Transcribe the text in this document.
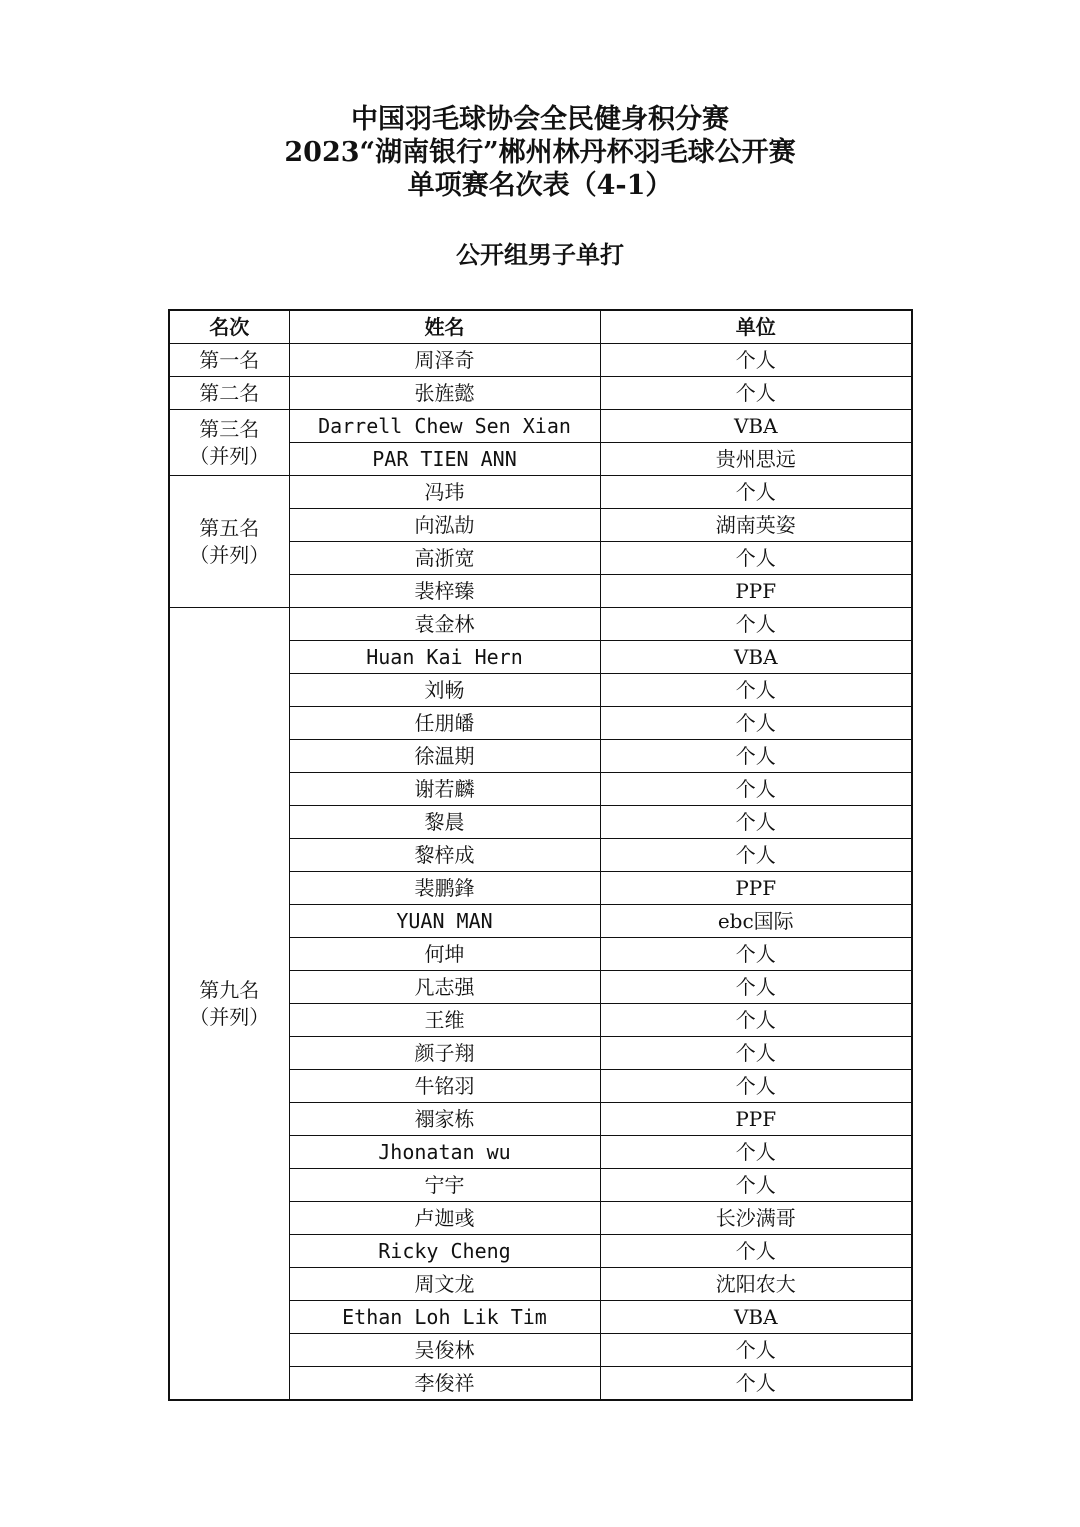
中国羽毛球协会全民健身积分赛
2023“湖南银行”郴州林丹杯羽毛球公开赛
单项赛名次表（4-1）
公开组男子单打
名次	姓名	单位

第一名	周泽奇	个人

第二名	张旌懿	个人

第三名
（并列）	Darrell Chew Sen Xian	VBA
	PAR TIEN ANN	贵州思远

第五名
（并列）	冯玮	个人
	向泓劼	湖南英姿
	高浙宽	个人
	裴梓臻	PPF

第九名
（并列）	袁金林	个人
	Huan Kai Hern	VBA
	刘畅	个人
	任朋皤	个人
	徐温期	个人
	谢若麟	个人
	黎晨	个人
	黎梓成	个人
	裴鹏鋒	PPF
	YUAN MAN	ebc国际
	何坤	个人
	凡志强	个人
	王维	个人
	颜子翔	个人
	牛铭羽	个人
	禤家栋	PPF
	Jhonatan wu	个人
	宁宇	个人
	卢迦彧	长沙满哥
	Ricky Cheng	个人
	周文龙	沈阳农大
	Ethan Loh Lik Tim	VBA
	吴俊林	个人
	李俊祥	个人
